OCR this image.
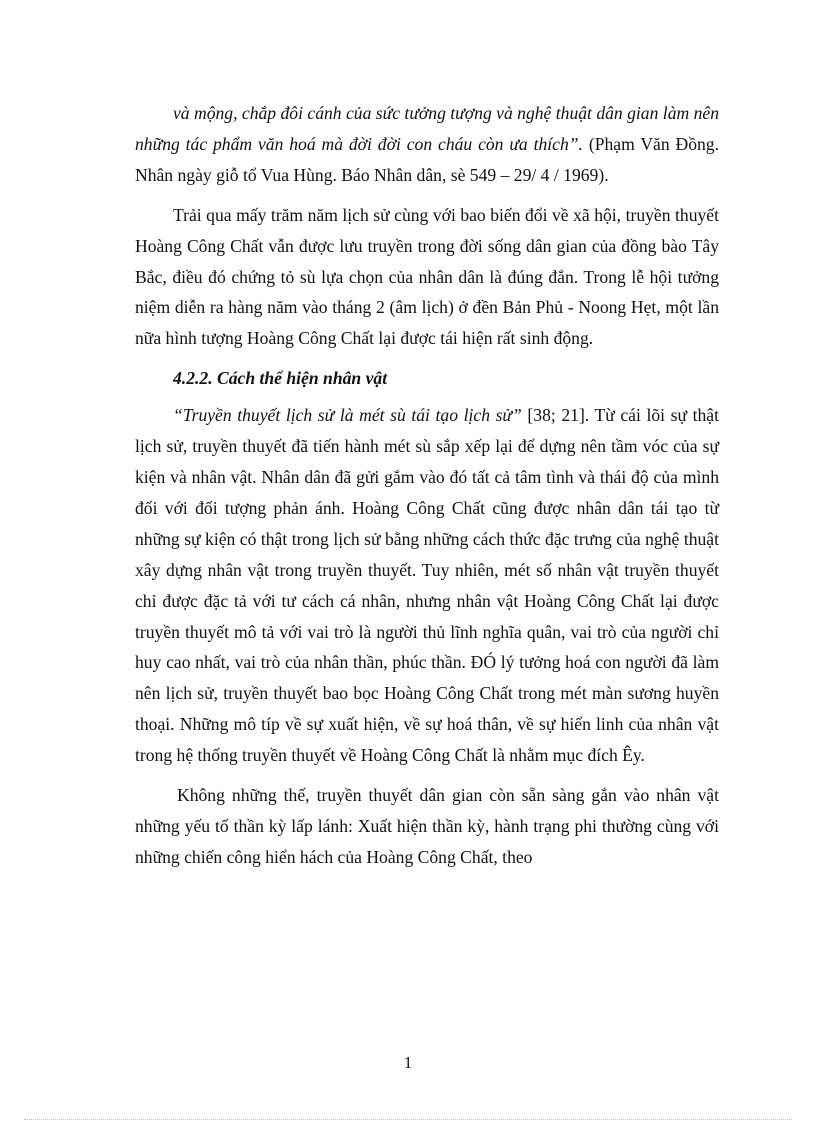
và mộng, chắp đôi cánh của sức tưởng tượng và nghệ thuật dân gian làm nên những tác phẩm văn hoá mà đời đời con cháu còn ưa thích”. (Phạm Văn Đồng. Nhân ngày giỗ tổ Vua Hùng. Báo Nhân dân, sè 549 – 29/ 4 / 1969).

Trải qua mấy trăm năm lịch sử cùng với bao biến đổi về xã hội, truyền thuyết Hoàng Công Chất vẫn được lưu truyền trong đời sống dân gian của đồng bào Tây Bắc, điều đó chứng tỏ sù lựa chọn của nhân dân là đúng đắn. Trong lễ hội tưởng niệm diễn ra hàng năm vào tháng 2 (âm lịch) ở đền Bản Phủ - Noong Hẹt, một lần nữa hình tượng Hoàng Công Chất lại được tái hiện rất sinh động.

4.2.2. Cách thể hiện nhân vật

“Truyền thuyết lịch sử là mét sù tái tạo lịch sử” [38; 21]. Từ cái lõi sự thật lịch sử, truyền thuyết đã tiến hành mét sù sắp xếp lại để dựng nên tầm vóc của sự kiện và nhân vật. Nhân dân đã gửi gắm vào đó tất cả tâm tình và thái độ của mình đối với đối tượng phản ánh. Hoàng Công Chất cũng được nhân dân tái tạo từ những sự kiện có thật trong lịch sử bằng những cách thức đặc trưng của nghệ thuật xây dựng nhân vật trong truyền thuyết. Tuy nhiên, mét số nhân vật truyền thuyết chỉ được đặc tả với tư cách cá nhân, nhưng nhân vật Hoàng Công Chất lại được truyền thuyết mô tả với vai trò là người thủ lĩnh nghĩa quân, vai trò của người chỉ huy cao nhất, vai trò của nhân thần, phúc thần. ĐÓ lý tưởng hoá con người đã làm nên lịch sử, truyền thuyết bao bọc Hoàng Công Chất trong mét màn sương huyền thoại. Những mô típ về sự xuất hiện, về sự hoá thân, về sự hiển linh của nhân vật trong hệ thống truyền thuyết về Hoàng Công Chất là nhằm mục đích Êy.

Không những thế, truyền thuyết dân gian còn sẵn sàng gắn vào nhân vật những yếu tố thần kỳ lấp lánh: Xuất hiện thần kỳ, hành trạng phi thường cùng với những chiến công hiển hách của Hoàng Công Chất, theo

1
